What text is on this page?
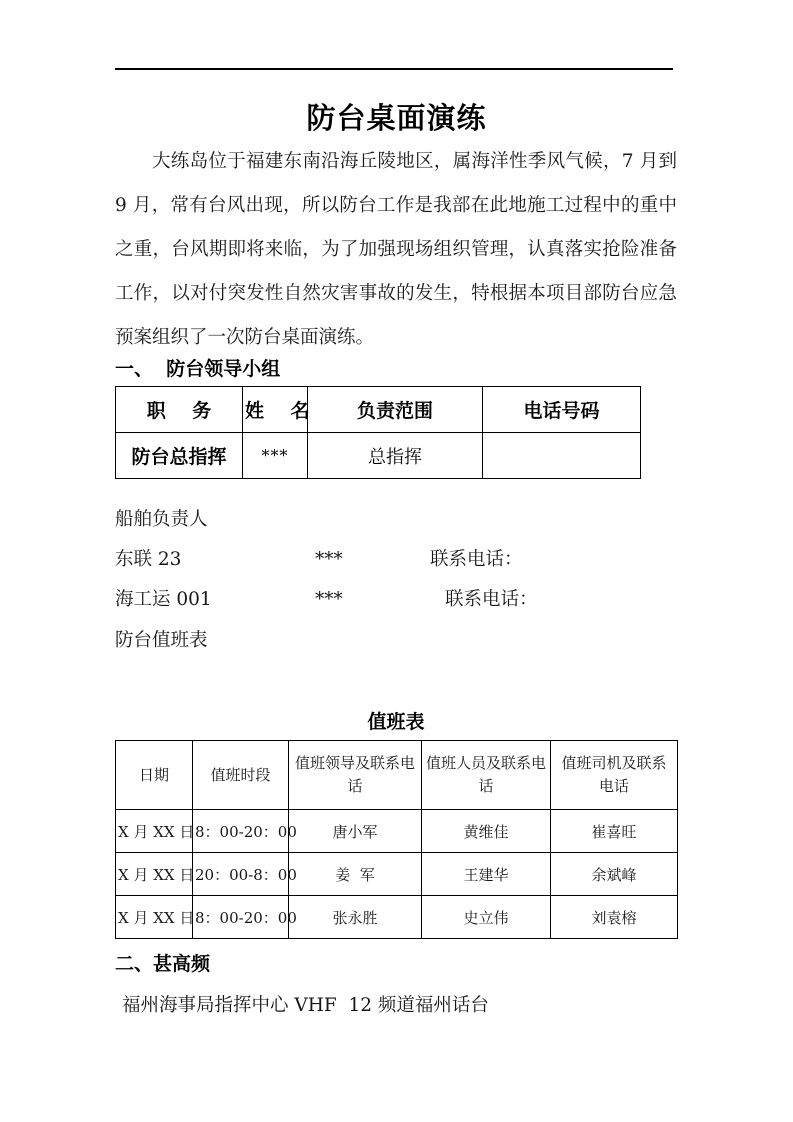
防台桌面演练
大练岛位于福建东南沿海丘陵地区，属海洋性季风气候，7 月到 9 月，常有台风出现，所以防台工作是我部在此地施工过程中的重中之重，台风期即将来临，为了加强现场组织管理，认真落实抢险准备工作，以对付突发性自然灾害事故的发生，特根据本项目部防台应急预案组织了一次防台桌面演练。
一、  防台领导小组
职    务	姓    名	负责范围	电话号码
防台总指挥	***	总指挥	
船舶负责人
东联 23	***	联系电话：
海工运 001	***	联系电话：
防台值班表
值班表
日期	值班时段	值班领导及联系电话	值班人员及联系电话	值班司机及联系电话
X 月 XX 日	8：00-20：00	唐小军	黄维佳	崔喜旺
X 月 XX 日	20：00-8：00	姜  军	王建华	余斌峰
X 月 XX 日	8：00-20：00	张永胜	史立伟	刘袁榕
二、甚高频
福州海事局指挥中心 VHF  12 频道福州话台
